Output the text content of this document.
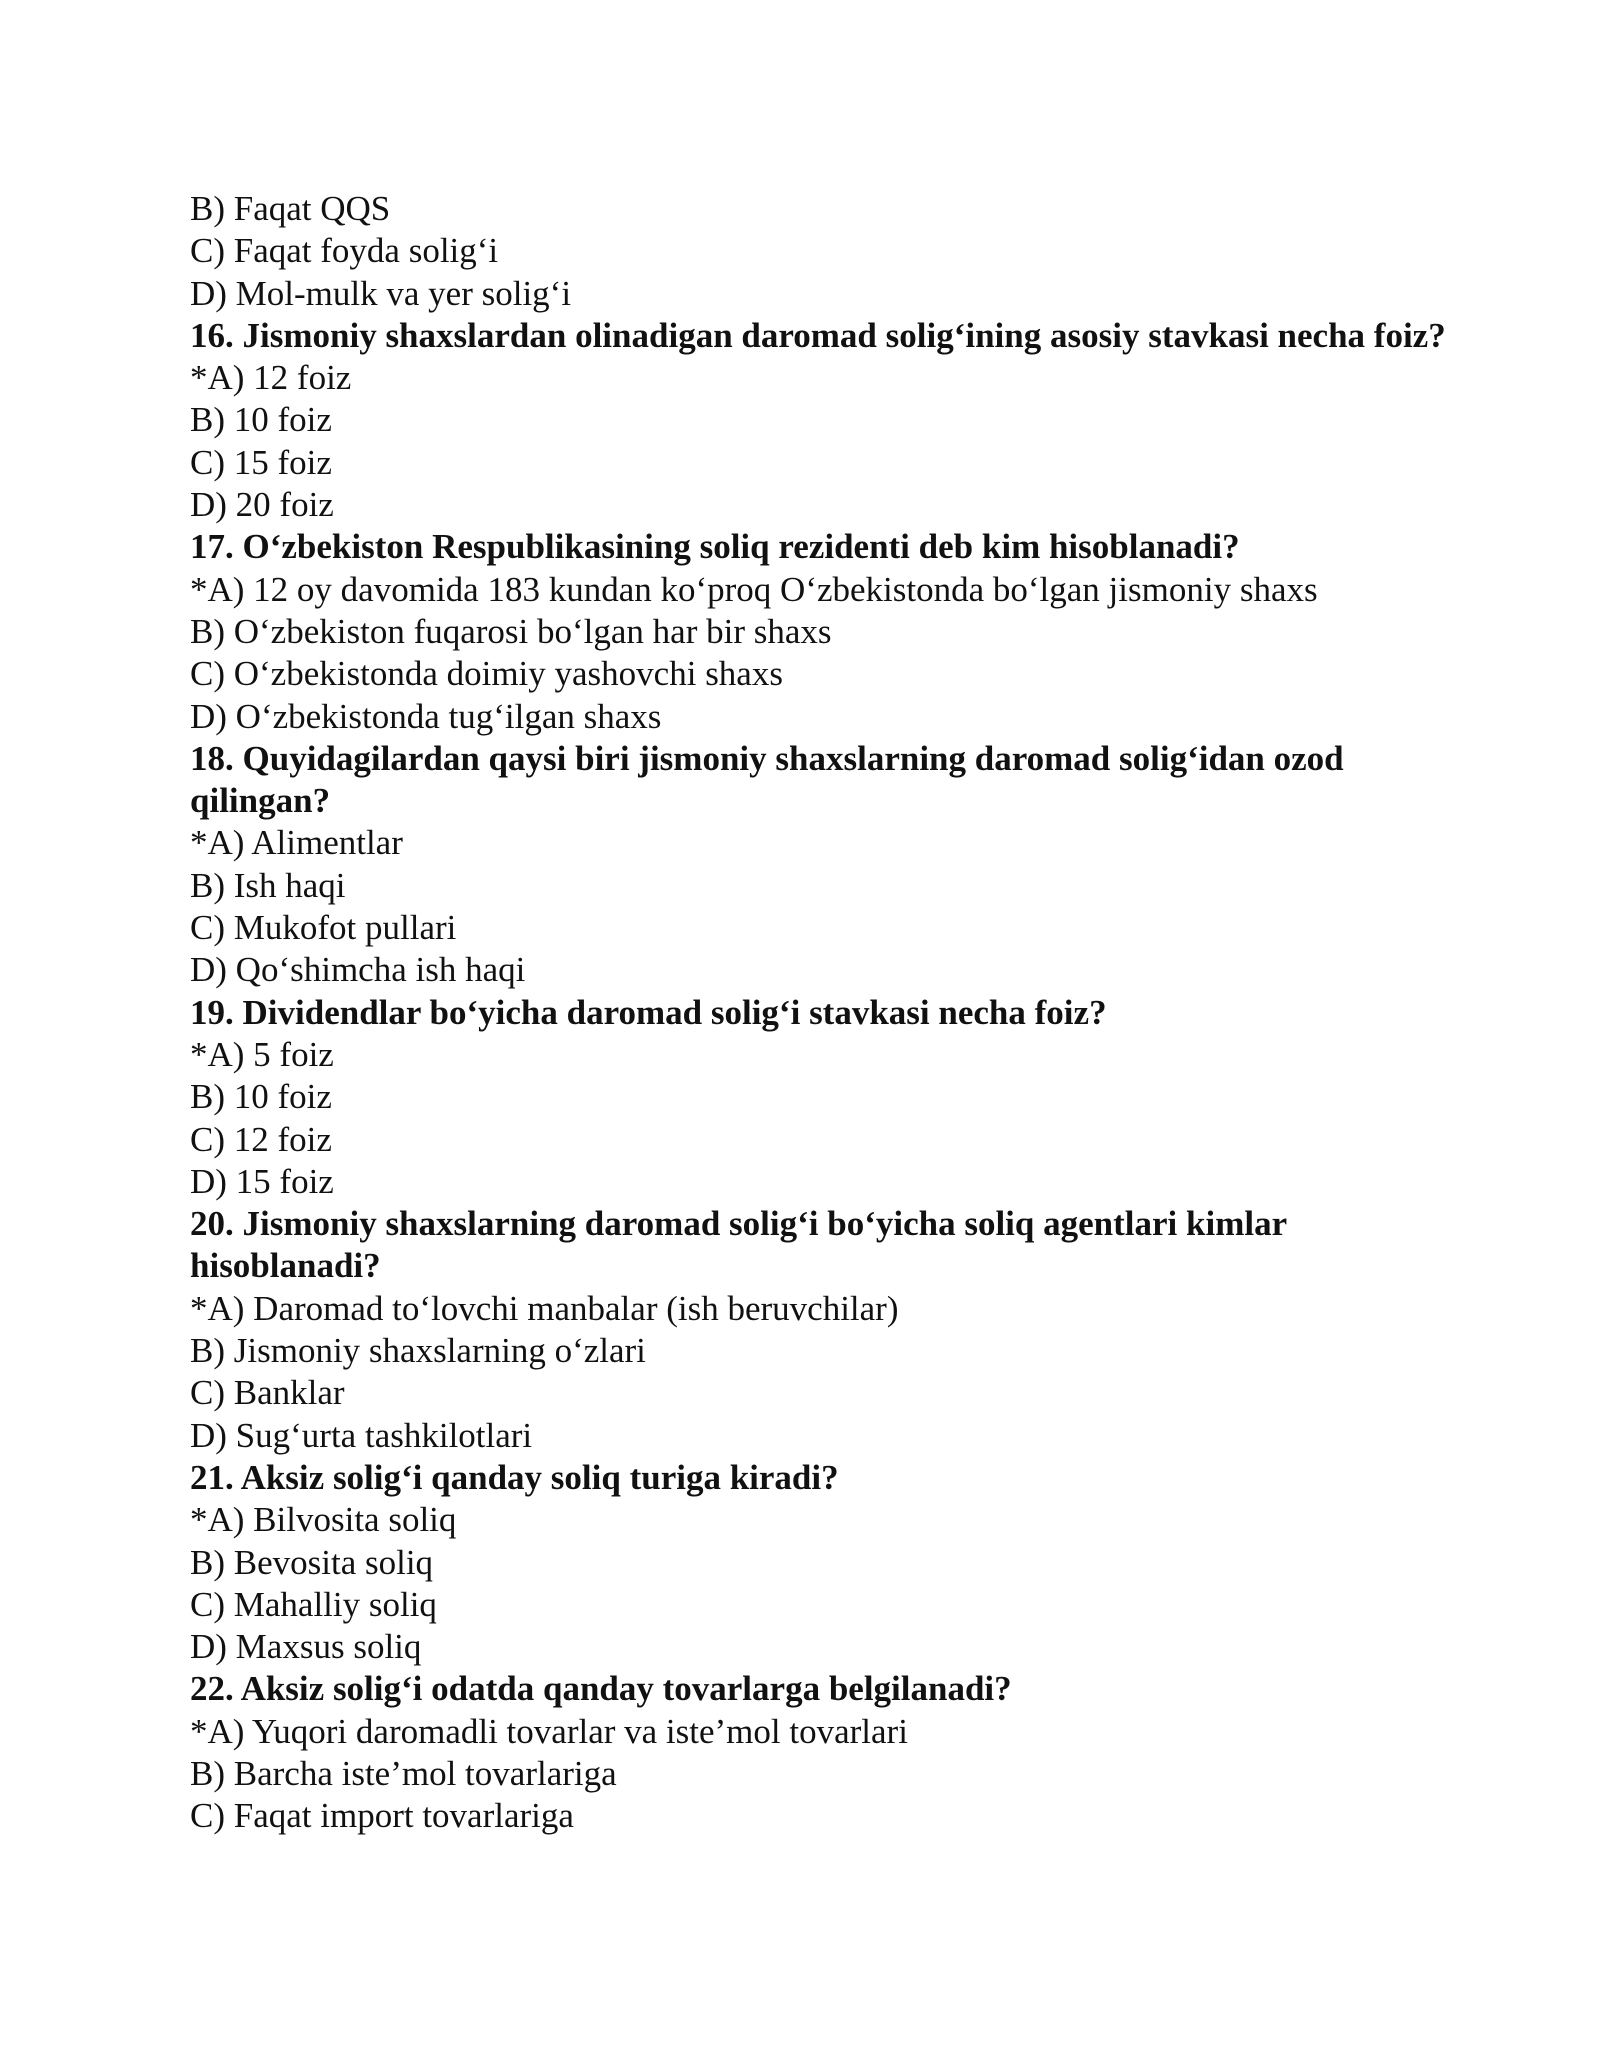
B) Faqat QQS

C) Faqat foyda solig‘i

D) Mol-mulk va yer solig‘i

16. Jismoniy shaxslardan olinadigan daromad solig‘ining asosiy stavkasi necha foiz?

*A) 12 foiz

B) 10 foiz

C) 15 foiz

D) 20 foiz

17. O‘zbekiston Respublikasining soliq rezidenti deb kim hisoblanadi?

*A) 12 oy davomida 183 kundan ko‘proq O‘zbekistonda bo‘lgan jismoniy shaxs

B) O‘zbekiston fuqarosi bo‘lgan har bir shaxs

C) O‘zbekistonda doimiy yashovchi shaxs

D) O‘zbekistonda tug‘ilgan shaxs

18. Quyidagilardan qaysi biri jismoniy shaxslarning daromad solig‘idan ozod qilingan?

*A) Alimentlar

B) Ish haqi

C) Mukofot pullari

D) Qo‘shimcha ish haqi

19. Dividendlar bo‘yicha daromad solig‘i stavkasi necha foiz?

*A) 5 foiz

B) 10 foiz

C) 12 foiz

D) 15 foiz

20. Jismoniy shaxslarning daromad solig‘i bo‘yicha soliq agentlari kimlar hisoblanadi?

*A) Daromad to‘lovchi manbalar (ish beruvchilar)

B) Jismoniy shaxslarning o‘zlari

C) Banklar

D) Sug‘urta tashkilotlari

21. Aksiz solig‘i qanday soliq turiga kiradi?

*A) Bilvosita soliq

B) Bevosita soliq

C) Mahalliy soliq

D) Maxsus soliq

22. Aksiz solig‘i odatda qanday tovarlarga belgilanadi?

*A) Yuqori daromadli tovarlar va iste’mol tovarlari

B) Barcha iste’mol tovarlariga

C) Faqat import tovarlariga
